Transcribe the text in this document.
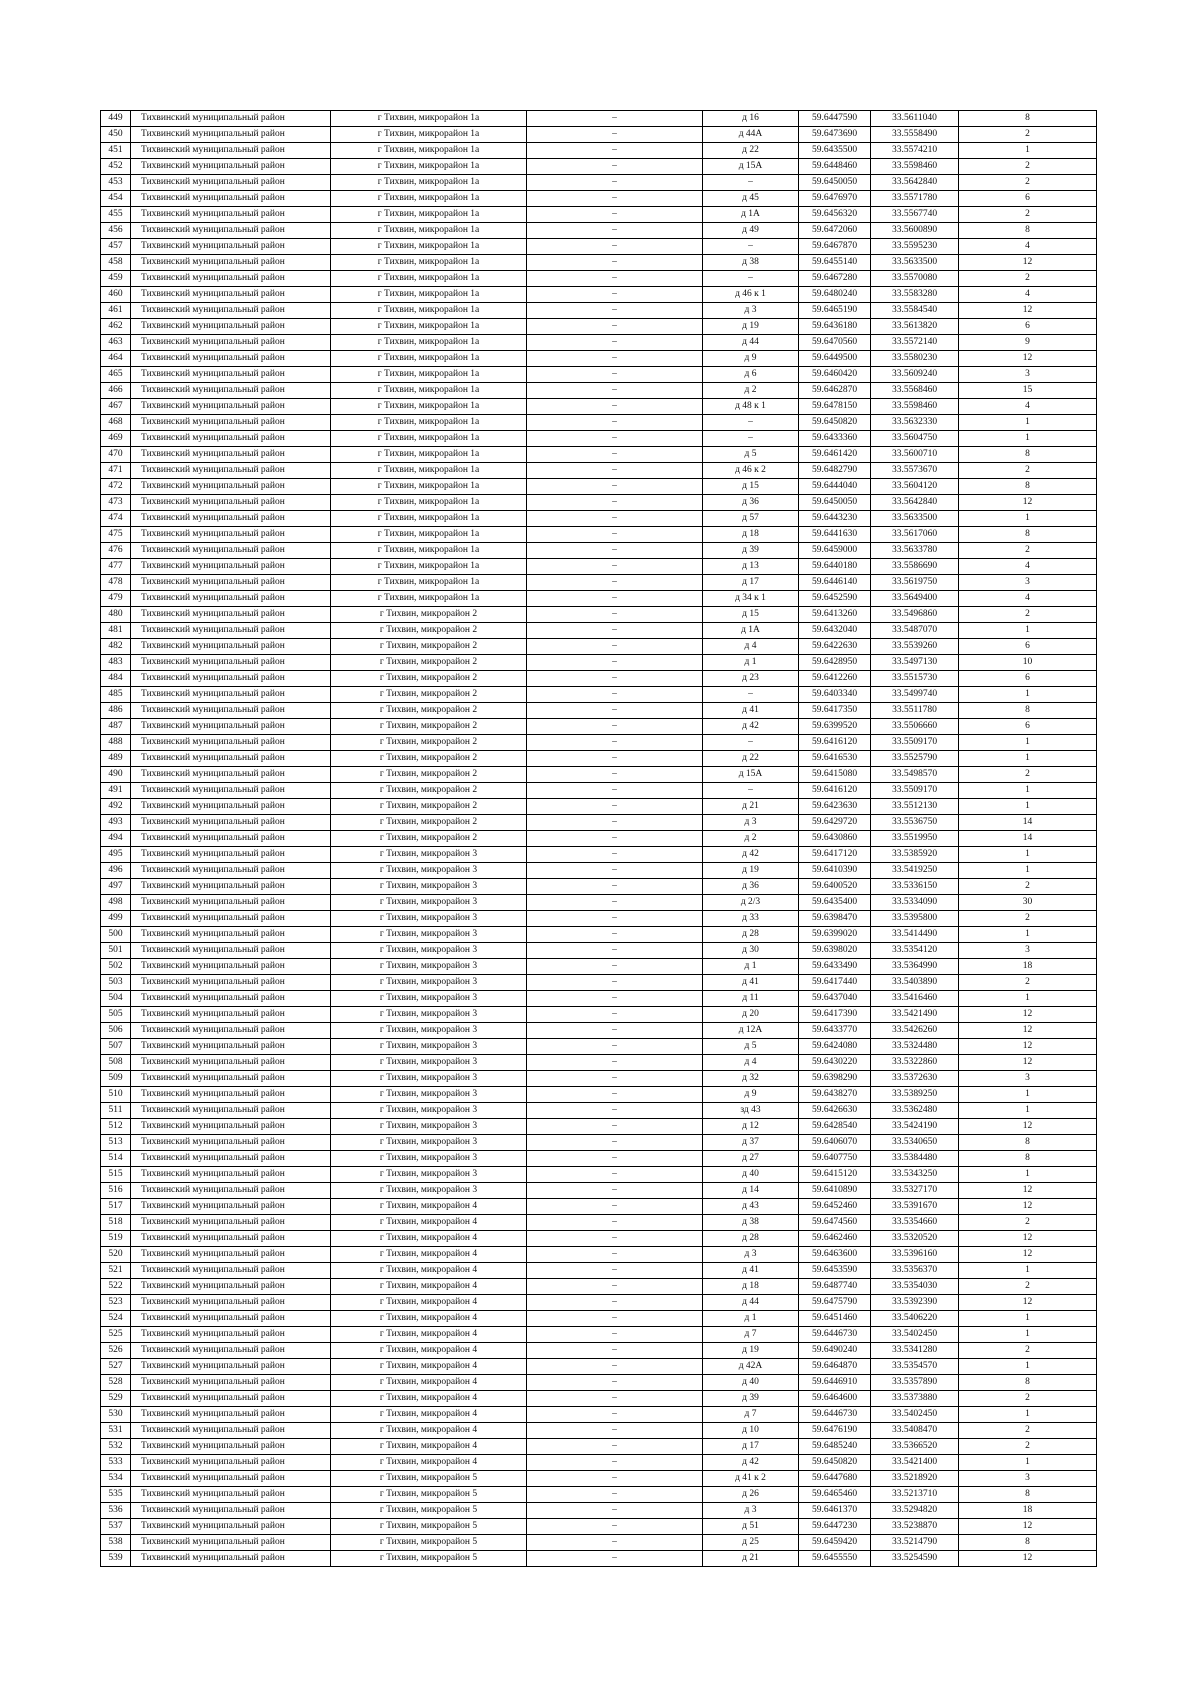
449	Тихвинский муниципальный район	г Тихвин, микрорайон 1а	–	д 16	59.6447590	33.5611040	8
450	Тихвинский муниципальный район	г Тихвин, микрорайон 1а	–	д 44А	59.6473690	33.5558490	2
451	Тихвинский муниципальный район	г Тихвин, микрорайон 1а	–	д 22	59.6435500	33.5574210	1
452	Тихвинский муниципальный район	г Тихвин, микрорайон 1а	–	д 15А	59.6448460	33.5598460	2
453	Тихвинский муниципальный район	г Тихвин, микрорайон 1а	–	–	59.6450050	33.5642840	2
454	Тихвинский муниципальный район	г Тихвин, микрорайон 1а	–	д 45	59.6476970	33.5571780	6
455	Тихвинский муниципальный район	г Тихвин, микрорайон 1а	–	д 1А	59.6456320	33.5567740	2
456	Тихвинский муниципальный район	г Тихвин, микрорайон 1а	–	д 49	59.6472060	33.5600890	8
457	Тихвинский муниципальный район	г Тихвин, микрорайон 1а	–	–	59.6467870	33.5595230	4
458	Тихвинский муниципальный район	г Тихвин, микрорайон 1а	–	д 38	59.6455140	33.5633500	12
459	Тихвинский муниципальный район	г Тихвин, микрорайон 1а	–	–	59.6467280	33.5570080	2
460	Тихвинский муниципальный район	г Тихвин, микрорайон 1а	–	д 46 к 1	59.6480240	33.5583280	4
461	Тихвинский муниципальный район	г Тихвин, микрорайон 1а	–	д 3	59.6465190	33.5584540	12
462	Тихвинский муниципальный район	г Тихвин, микрорайон 1а	–	д 19	59.6436180	33.5613820	6
463	Тихвинский муниципальный район	г Тихвин, микрорайон 1а	–	д 44	59.6470560	33.5572140	9
464	Тихвинский муниципальный район	г Тихвин, микрорайон 1а	–	д 9	59.6449500	33.5580230	12
465	Тихвинский муниципальный район	г Тихвин, микрорайон 1а	–	д 6	59.6460420	33.5609240	3
466	Тихвинский муниципальный район	г Тихвин, микрорайон 1а	–	д 2	59.6462870	33.5568460	15
467	Тихвинский муниципальный район	г Тихвин, микрорайон 1а	–	д 48 к 1	59.6478150	33.5598460	4
468	Тихвинский муниципальный район	г Тихвин, микрорайон 1а	–	–	59.6450820	33.5632330	1
469	Тихвинский муниципальный район	г Тихвин, микрорайон 1а	–	–	59.6433360	33.5604750	1
470	Тихвинский муниципальный район	г Тихвин, микрорайон 1а	–	д 5	59.6461420	33.5600710	8
471	Тихвинский муниципальный район	г Тихвин, микрорайон 1а	–	д 46 к 2	59.6482790	33.5573670	2
472	Тихвинский муниципальный район	г Тихвин, микрорайон 1а	–	д 15	59.6444040	33.5604120	8
473	Тихвинский муниципальный район	г Тихвин, микрорайон 1а	–	д 36	59.6450050	33.5642840	12
474	Тихвинский муниципальный район	г Тихвин, микрорайон 1а	–	д 57	59.6443230	33.5633500	1
475	Тихвинский муниципальный район	г Тихвин, микрорайон 1а	–	д 18	59.6441630	33.5617060	8
476	Тихвинский муниципальный район	г Тихвин, микрорайон 1а	–	д 39	59.6459000	33.5633780	2
477	Тихвинский муниципальный район	г Тихвин, микрорайон 1а	–	д 13	59.6440180	33.5586690	4
478	Тихвинский муниципальный район	г Тихвин, микрорайон 1а	–	д 17	59.6446140	33.5619750	3
479	Тихвинский муниципальный район	г Тихвин, микрорайон 1а	–	д 34 к 1	59.6452590	33.5649400	4
480	Тихвинский муниципальный район	г Тихвин, микрорайон 2	–	д 15	59.6413260	33.5496860	2
481	Тихвинский муниципальный район	г Тихвин, микрорайон 2	–	д 1А	59.6432040	33.5487070	1
482	Тихвинский муниципальный район	г Тихвин, микрорайон 2	–	д 4	59.6422630	33.5539260	6
483	Тихвинский муниципальный район	г Тихвин, микрорайон 2	–	д 1	59.6428950	33.5497130	10
484	Тихвинский муниципальный район	г Тихвин, микрорайон 2	–	д 23	59.6412260	33.5515730	6
485	Тихвинский муниципальный район	г Тихвин, микрорайон 2	–	–	59.6403340	33.5499740	1
486	Тихвинский муниципальный район	г Тихвин, микрорайон 2	–	д 41	59.6417350	33.5511780	8
487	Тихвинский муниципальный район	г Тихвин, микрорайон 2	–	д 42	59.6399520	33.5506660	6
488	Тихвинский муниципальный район	г Тихвин, микрорайон 2	–	–	59.6416120	33.5509170	1
489	Тихвинский муниципальный район	г Тихвин, микрорайон 2	–	д 22	59.6416530	33.5525790	1
490	Тихвинский муниципальный район	г Тихвин, микрорайон 2	–	д 15А	59.6415080	33.5498570	2
491	Тихвинский муниципальный район	г Тихвин, микрорайон 2	–	–	59.6416120	33.5509170	1
492	Тихвинский муниципальный район	г Тихвин, микрорайон 2	–	д 21	59.6423630	33.5512130	1
493	Тихвинский муниципальный район	г Тихвин, микрорайон 2	–	д 3	59.6429720	33.5536750	14
494	Тихвинский муниципальный район	г Тихвин, микрорайон 2	–	д 2	59.6430860	33.5519950	14
495	Тихвинский муниципальный район	г Тихвин, микрорайон 3	–	д 42	59.6417120	33.5385920	1
496	Тихвинский муниципальный район	г Тихвин, микрорайон 3	–	д 19	59.6410390	33.5419250	1
497	Тихвинский муниципальный район	г Тихвин, микрорайон 3	–	д 36	59.6400520	33.5336150	2
498	Тихвинский муниципальный район	г Тихвин, микрорайон 3	–	д 2/3	59.6435400	33.5334090	30
499	Тихвинский муниципальный район	г Тихвин, микрорайон 3	–	д 33	59.6398470	33.5395800	2
500	Тихвинский муниципальный район	г Тихвин, микрорайон 3	–	д 28	59.6399020	33.5414490	1
501	Тихвинский муниципальный район	г Тихвин, микрорайон 3	–	д 30	59.6398020	33.5354120	3
502	Тихвинский муниципальный район	г Тихвин, микрорайон 3	–	д 1	59.6433490	33.5364990	18
503	Тихвинский муниципальный район	г Тихвин, микрорайон 3	–	д 41	59.6417440	33.5403890	2
504	Тихвинский муниципальный район	г Тихвин, микрорайон 3	–	д 11	59.6437040	33.5416460	1
505	Тихвинский муниципальный район	г Тихвин, микрорайон 3	–	д 20	59.6417390	33.5421490	12
506	Тихвинский муниципальный район	г Тихвин, микрорайон 3	–	д 12А	59.6433770	33.5426260	12
507	Тихвинский муниципальный район	г Тихвин, микрорайон 3	–	д 5	59.6424080	33.5324480	12
508	Тихвинский муниципальный район	г Тихвин, микрорайон 3	–	д 4	59.6430220	33.5322860	12
509	Тихвинский муниципальный район	г Тихвин, микрорайон 3	–	д 32	59.6398290	33.5372630	3
510	Тихвинский муниципальный район	г Тихвин, микрорайон 3	–	д 9	59.6438270	33.5389250	1
511	Тихвинский муниципальный район	г Тихвин, микрорайон 3	–	зд 43	59.6426630	33.5362480	1
512	Тихвинский муниципальный район	г Тихвин, микрорайон 3	–	д 12	59.6428540	33.5424190	12
513	Тихвинский муниципальный район	г Тихвин, микрорайон 3	–	д 37	59.6406070	33.5340650	8
514	Тихвинский муниципальный район	г Тихвин, микрорайон 3	–	д 27	59.6407750	33.5384480	8
515	Тихвинский муниципальный район	г Тихвин, микрорайон 3	–	д 40	59.6415120	33.5343250	1
516	Тихвинский муниципальный район	г Тихвин, микрорайон 3	–	д 14	59.6410890	33.5327170	12
517	Тихвинский муниципальный район	г Тихвин, микрорайон 4	–	д 43	59.6452460	33.5391670	12
518	Тихвинский муниципальный район	г Тихвин, микрорайон 4	–	д 38	59.6474560	33.5354660	2
519	Тихвинский муниципальный район	г Тихвин, микрорайон 4	–	д 28	59.6462460	33.5320520	12
520	Тихвинский муниципальный район	г Тихвин, микрорайон 4	–	д 3	59.6463600	33.5396160	12
521	Тихвинский муниципальный район	г Тихвин, микрорайон 4	–	д 41	59.6453590	33.5356370	1
522	Тихвинский муниципальный район	г Тихвин, микрорайон 4	–	д 18	59.6487740	33.5354030	2
523	Тихвинский муниципальный район	г Тихвин, микрорайон 4	–	д 44	59.6475790	33.5392390	12
524	Тихвинский муниципальный район	г Тихвин, микрорайон 4	–	д 1	59.6451460	33.5406220	1
525	Тихвинский муниципальный район	г Тихвин, микрорайон 4	–	д 7	59.6446730	33.5402450	1
526	Тихвинский муниципальный район	г Тихвин, микрорайон 4	–	д 19	59.6490240	33.5341280	2
527	Тихвинский муниципальный район	г Тихвин, микрорайон 4	–	д 42А	59.6464870	33.5354570	1
528	Тихвинский муниципальный район	г Тихвин, микрорайон 4	–	д 40	59.6446910	33.5357890	8
529	Тихвинский муниципальный район	г Тихвин, микрорайон 4	–	д 39	59.6464600	33.5373880	2
530	Тихвинский муниципальный район	г Тихвин, микрорайон 4	–	д 7	59.6446730	33.5402450	1
531	Тихвинский муниципальный район	г Тихвин, микрорайон 4	–	д 10	59.6476190	33.5408470	2
532	Тихвинский муниципальный район	г Тихвин, микрорайон 4	–	д 17	59.6485240	33.5366520	2
533	Тихвинский муниципальный район	г Тихвин, микрорайон 4	–	д 42	59.6450820	33.5421400	1
534	Тихвинский муниципальный район	г Тихвин, микрорайон 5	–	д 41 к 2	59.6447680	33.5218920	3
535	Тихвинский муниципальный район	г Тихвин, микрорайон 5	–	д 26	59.6465460	33.5213710	8
536	Тихвинский муниципальный район	г Тихвин, микрорайон 5	–	д 3	59.6461370	33.5294820	18
537	Тихвинский муниципальный район	г Тихвин, микрорайон 5	–	д 51	59.6447230	33.5238870	12
538	Тихвинский муниципальный район	г Тихвин, микрорайон 5	–	д 25	59.6459420	33.5214790	8
539	Тихвинский муниципальный район	г Тихвин, микрорайон 5	–	д 21	59.6455550	33.5254590	12
